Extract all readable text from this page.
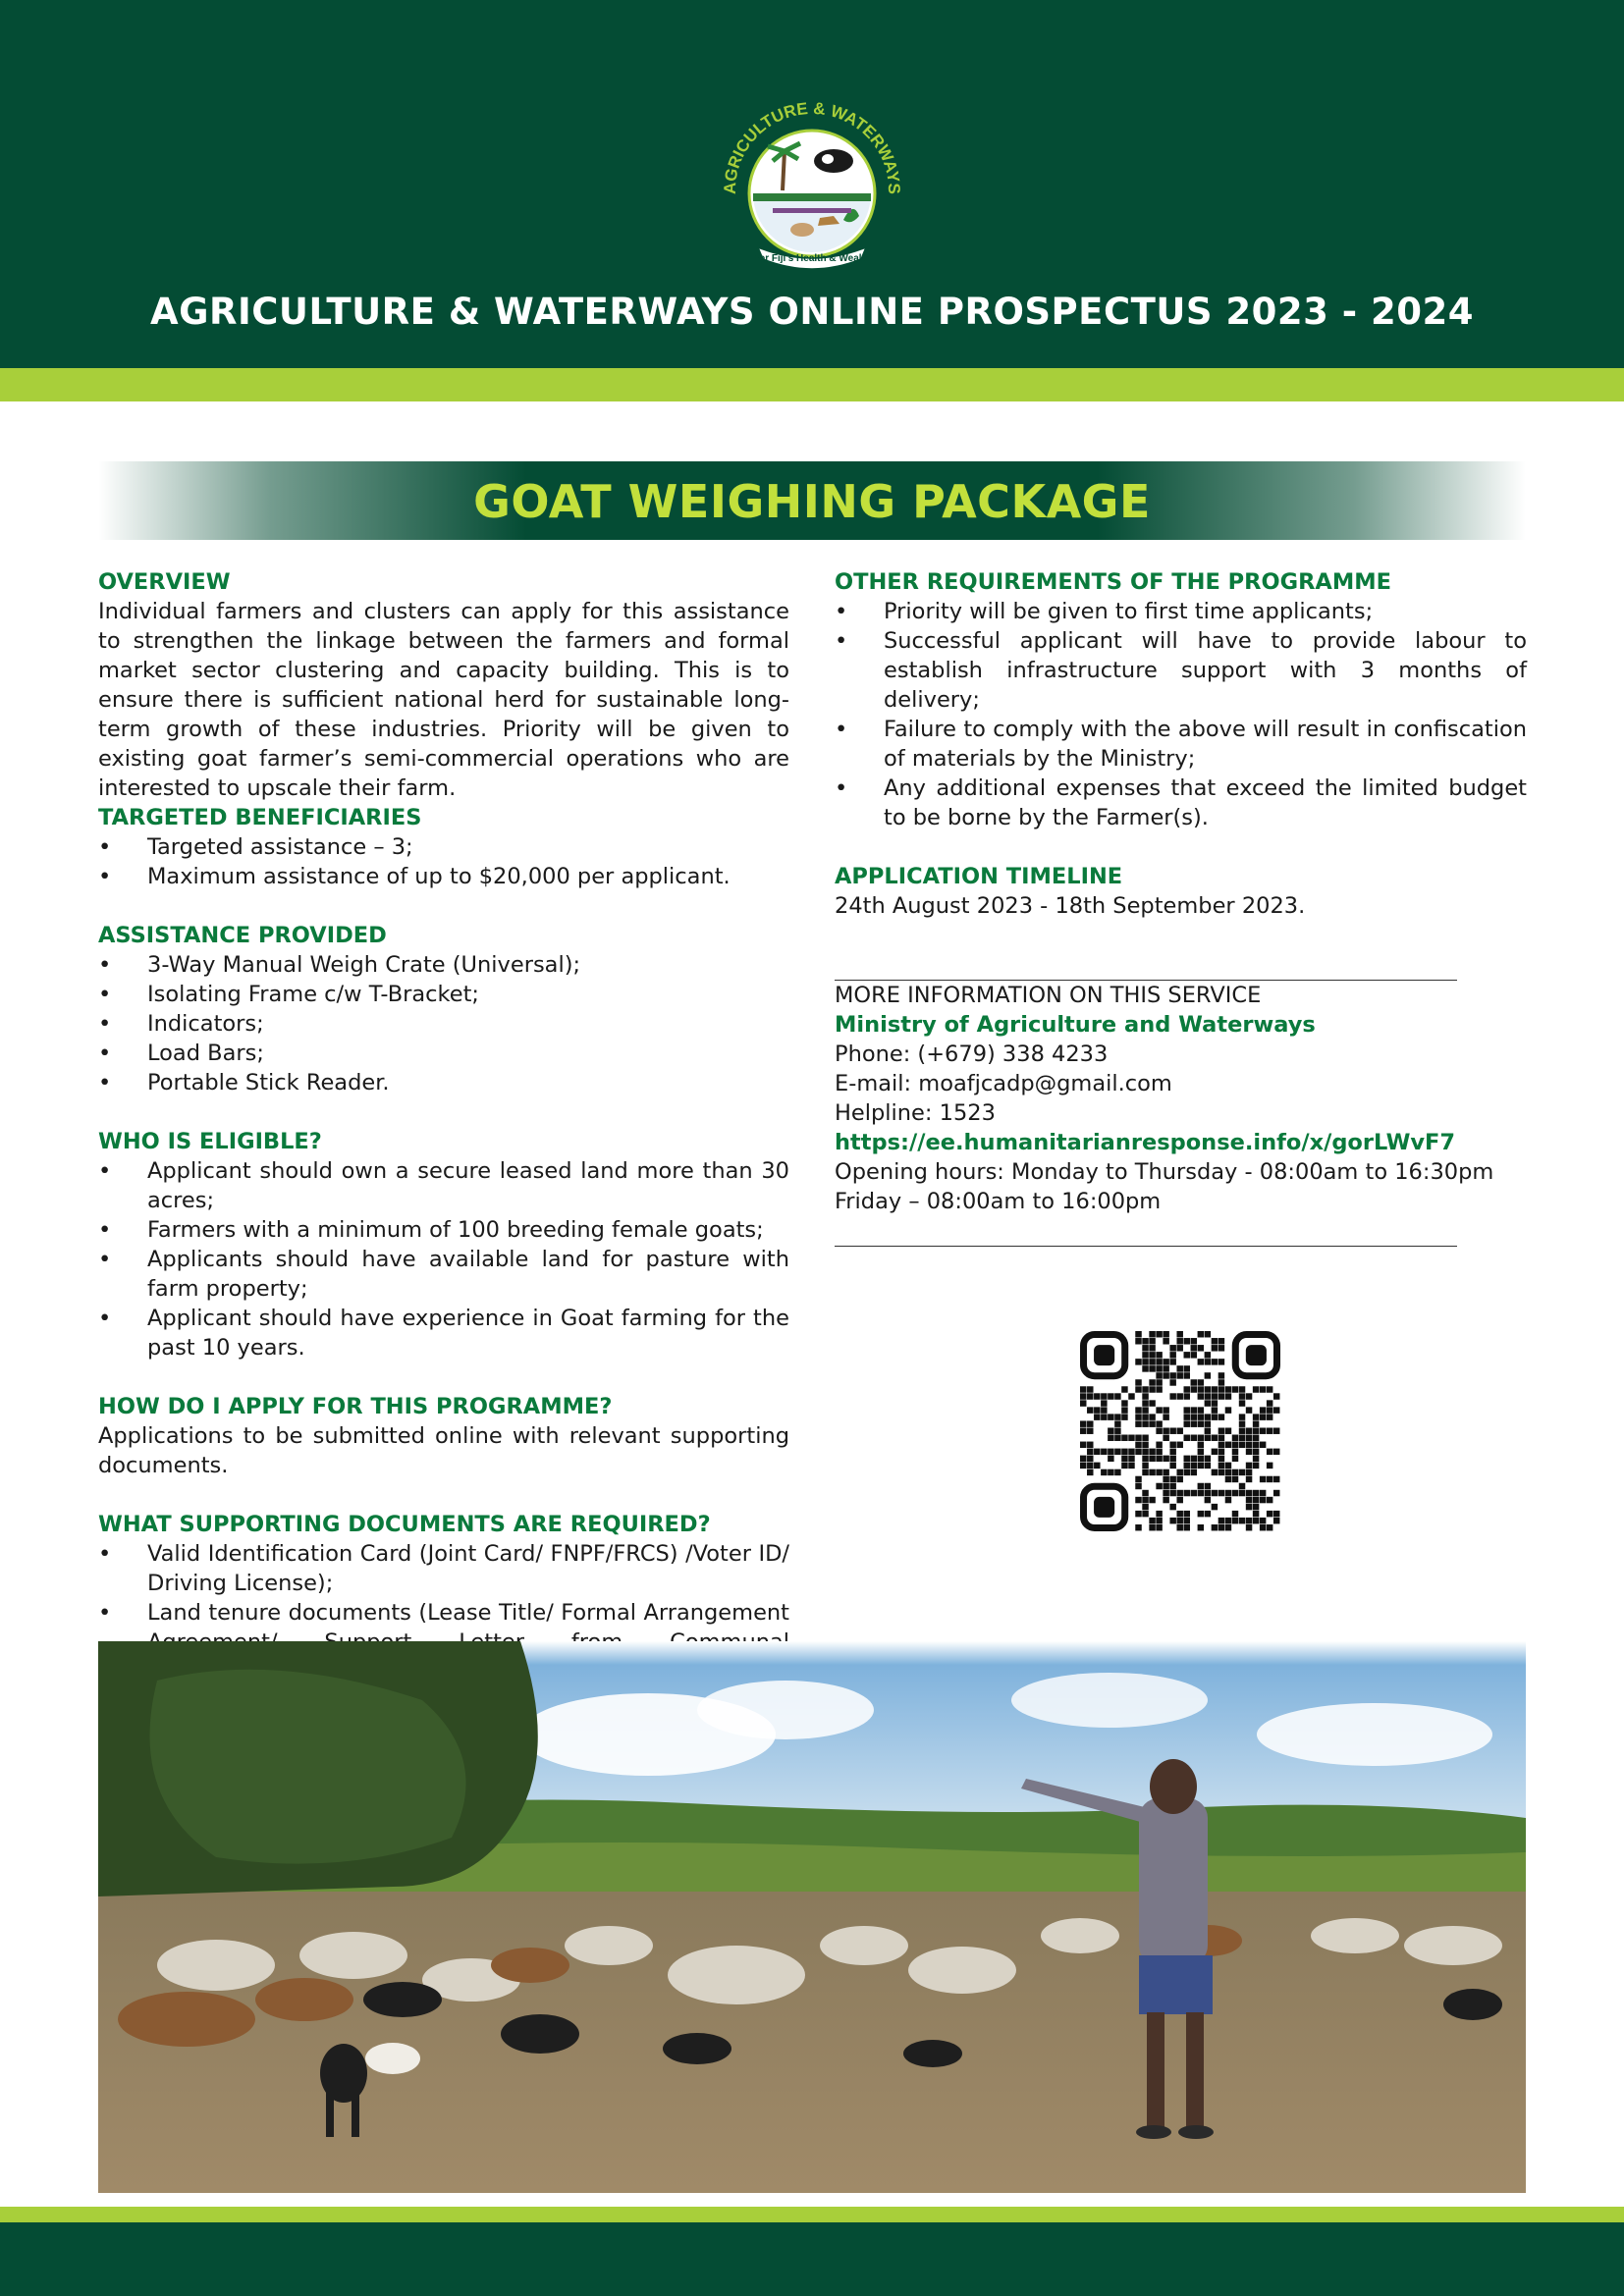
AGRICULTURE & WATERWAYS
For Fiji's Health & Wealth
AGRICULTURE & WATERWAYS ONLINE PROSPECTUS 2023 - 2024
GOAT WEIGHING PACKAGE
OVERVIEW

Individual farmers and clusters can apply for this assistance to strengthen the linkage between the farmers and formal market sector clustering and capacity building. This is to ensure there is sufficient national herd for sustainable long-term growth of these industries. Priority will be given to existing goat farmer’s semi-commercial operations who are interested to upscale their farm.

TARGETED BENEFICIARIES
• Targeted assistance – 3;
• Maximum assistance of up to $20,000 per applicant.
ASSISTANCE PROVIDED
• 3-Way Manual Weigh Crate (Universal);
• Isolating Frame c/w T-Bracket;
• Indicators;
• Load Bars;
• Portable Stick Reader.
WHO IS ELIGIBLE?
• Applicant should own a secure leased land more than 30 acres;
• Farmers with a minimum of 100 breeding female goats;
• Applicants should have available land for pasture with farm property;
• Applicant should have experience in Goat farming for the past 10 years.
HOW DO I APPLY FOR THIS PROGRAMME?

Applications to be submitted online with relevant supporting documents.

WHAT SUPPORTING DOCUMENTS ARE REQUIRED?
• Valid Identification Card (Joint Card/ FNPF/FRCS) /Voter ID/ Driving License);
• Land tenure documents (Lease Title/ Formal Arrangement
OTHER REQUIREMENTS OF THE PROGRAMME
• Priority will be given to first time applicants;
• Successful applicant will have to provide labour to establish infrastructure support with 3 months of delivery;
• Failure to comply with the above will result in confiscation of materials by the Ministry;
• Any additional expenses that exceed the limited budget to be borne by the Farmer(s).
APPLICATION TIMELINE
24th August 2023 - 18th September 2023.
MORE INFORMATION ON THIS SERVICE
Ministry of Agriculture and Waterways
Phone: (+679) 338 4233
E-mail: moafjcadp@gmail.com
Helpline: 1523
https://ee.humanitarianresponse.info/x/gorLWvF7
Opening hours: Monday to Thursday - 08:00am to 16:30pm
Friday – 08:00am to 16:00pm
